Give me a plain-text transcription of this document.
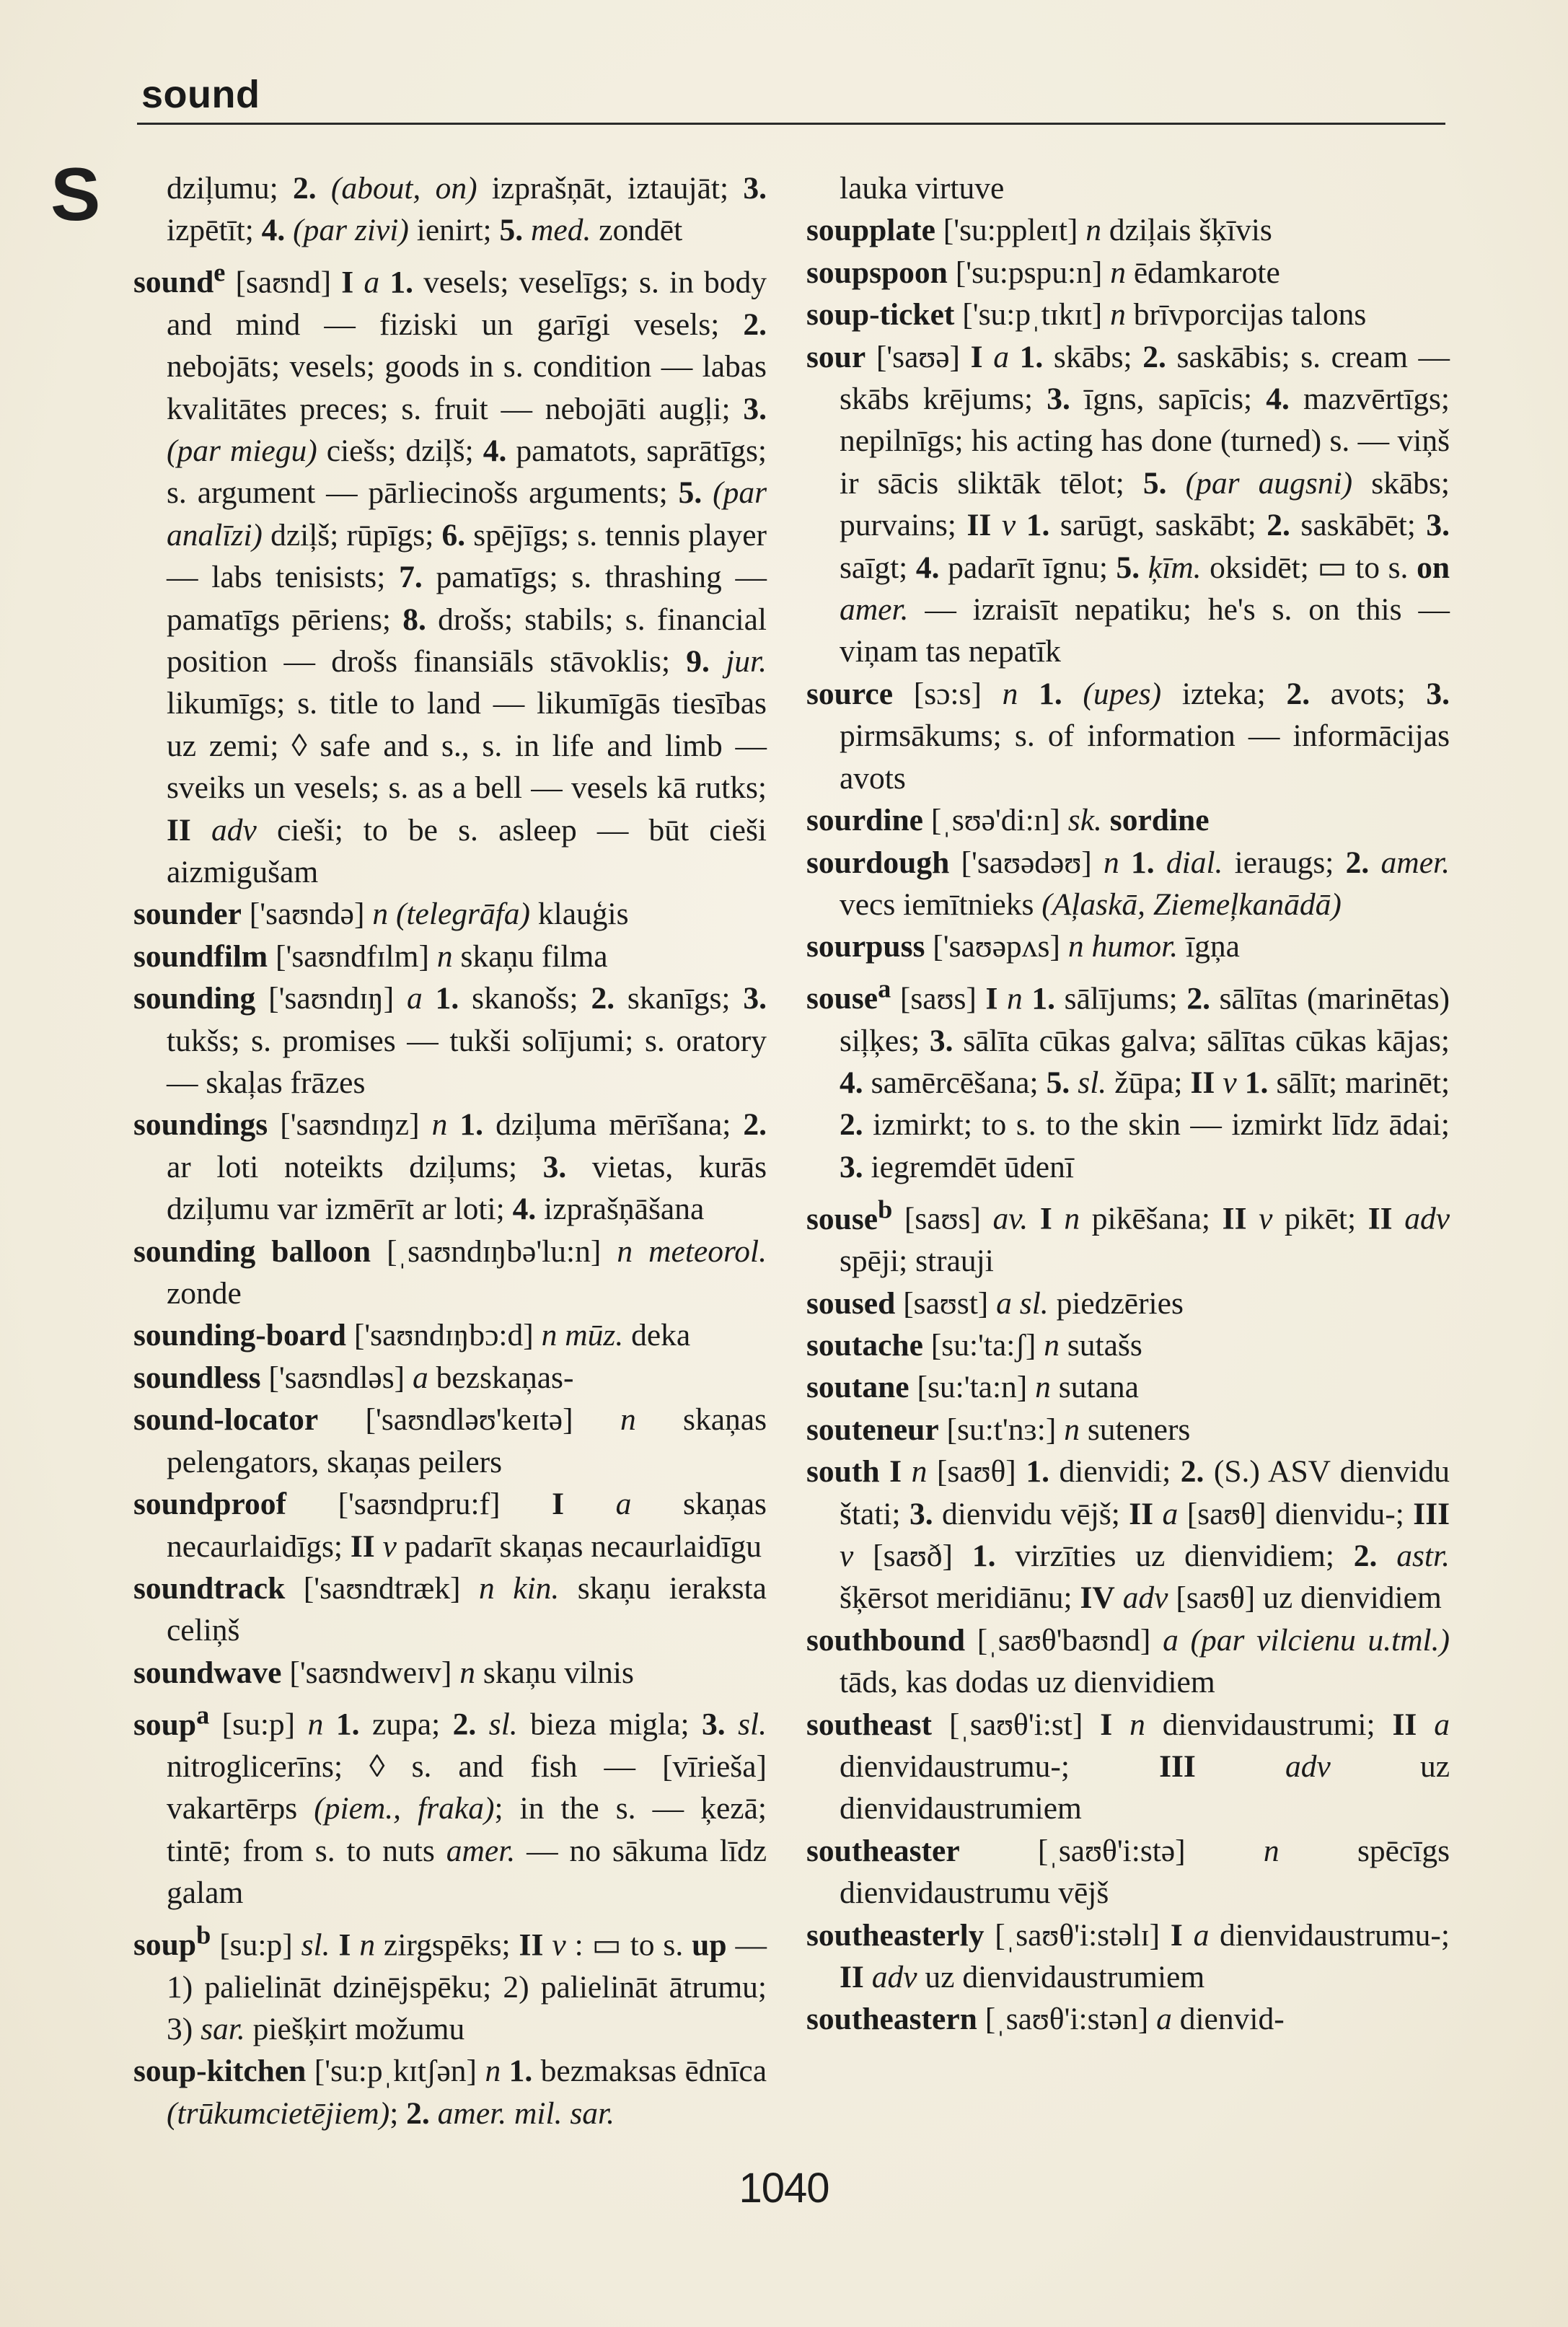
sound
S	dziļumu; 2. (about, on) izprašņāt, iztaujāt; 3. izpētīt; 4. (par zivi) ienirt; 5. med. zondēt

sound$^e$ [saʊnd] I a 1. vesels; veselīgs; s. in body and mind — fiziski un garīgi vesels; 2. nebojāts; vesels; goods in s. condition — labas kvalitātes preces; s. fruit — nebojāti augļi; 3. (par miegu) ciešs; dziļš; 4. pamatots, saprātīgs; s. argument — pārliecinošs arguments; 5. (par analīzi) dziļš; rūpīgs; 6. spējīgs; s. tennis player — labs tenisists; 7. pamatīgs; s. thrashing — pamatīgs pēriens; 8. drošs; stabils; s. financial position — drošs finansiāls stāvoklis; 9. jur. likumīgs; s. title to land — likumīgās tiesības uz zemi; ◊ safe and s., s. in life and limb — sveiks un vesels; s. as a bell — vesels kā rutks; II adv cieši; to be s. asleep — būt cieši aizmigušam

sounder ['saʊndə] n (telegrāfa) klauģis

soundfilm ['saʊndfɪlm] n skaņu filma

sounding ['saʊndɪŋ] a 1. skanošs; 2. skanīgs; 3. tukšs; s. promises — tukši solījumi; s. oratory — skaļas frāzes

soundings ['saʊndɪŋz] n 1. dziļuma mērīšana; 2. ar loti noteikts dziļums; 3. vietas, kurās dziļumu var izmērīt ar loti; 4. izprašņāšana

sounding balloon [ˌsaʊndɪŋbə'lu:n] n meteorol. zonde

sounding-board ['saʊndɪŋbɔ:d] n mūz. deka

soundless ['saʊndləs] a bezskaņas-

sound-locator ['saʊndləʊ'keɪtə] n skaņas pelengators, skaņas peilers

soundproof ['saʊndpru:f] I a skaņas necaurlaidīgs; II v padarīt skaņas necaurlaidīgu

soundtrack ['saʊndtræk] n kin. skaņu ieraksta celiņš

soundwave ['saʊndweɪv] n skaņu vilnis

soup$^a$ [su:p] n 1. zupa; 2. sl. bieza migla; 3. sl. nitroglicerīns; ◊ s. and fish — [vīriešа] vakartērps (piem., fraka); in the s. — ķezā; tintē; from s. to nuts amer. — no sākuma līdz galam

soup$^b$ [su:p] sl. I n zirgspēks; II v : ▭ to s. up — 1) palielināt dzinējspēku; 2) palielināt ātrumu; 3) sar. piešķirt možumu

soup-kitchen ['su:pˌkɪtʃən] n 1. bezmaksas ēdnīca (trūkumcietējiem); 2. amer. mil. sar.

lauka virtuve

soupplate ['su:ppleɪt] n dziļais šķīvis

soupspoon ['su:pspu:n] n ēdamkarote

soup-ticket ['su:pˌtɪkɪt] n brīvporcijas talons

sour ['saʊə] I a 1. skābs; 2. saskābis; s. cream — skābs krējums; 3. īgns, sapīcis; 4. mazvērtīgs; nepilnīgs; his acting has done (turned) s. — viņš ir sācis sliktāk tēlot; 5. (par augsni) skābs; purvains; II v 1. sarūgt, saskābt; 2. saskābēt; 3. saīgt; 4. padarīt īgnu; 5. ķīm. oksidēt; ▭ to s. on amer. — izraisīt nepatiku; he's s. on this — viņam tas nepatīk

source [sɔ:s] n 1. (upes) izteka; 2. avots; 3. pirmsākums; s. of information — informācijas avots

sourdine [ˌsʊə'di:n] sk. sordine

sourdough ['saʊədəʊ] n 1. dial. ieraugs; 2. amer. vecs iemītnieks (Aļaskā, Ziemeļkanādā)

sourpuss ['saʊəpʌs] n humor. īgņa

souse$^a$ [saʊs] I n 1. sālījums; 2. sālītas (marinētas) siļķes; 3. sālīta cūkas galva; sālītas cūkas kājas; 4. samērcēšana; 5. sl. žūpa; II v 1. sālīt; marinēt; 2. izmirkt; to s. to the skin — izmirkt līdz ādai; 3. iegremdēt ūdenī

souse$^b$ [saʊs] av. I n pikēšana; II v pikēt; II adv spēji; strauji

soused [saʊst] a sl. piedzēries

soutache [su:'ta:ʃ] n sutašs

soutane [su:'ta:n] n sutana

souteneur [su:t'nɜ:] n suteners

south I n [saʊθ] 1. dienvidi; 2. (S.) ASV dienvidu štati; 3. dienvidu vējš; II a [saʊθ] dienvidu-; III v [saʊð] 1. virzīties uz dienvidiem; 2. astr. šķērsot meridiānu; IV adv [saʊθ] uz dienvidiem

southbound [ˌsaʊθ'baʊnd] a (par vilcienu u.tml.) tāds, kas dodas uz dienvidiem

southeast [ˌsaʊθ'i:st] I n dienvidaustrumi; II a dienvidaustrumu-; III	adv uz dienvidaustrumiem

southeaster [ˌsaʊθ'i:stə] n spēcīgs dienvidaustrumu vējš

southeasterly [ˌsaʊθ'i:stəlɪ] I a dienvidaustrumu-; II adv uz dienvidaustrumiem

southeastern [ˌsaʊθ'i:stən] a dienvid-

1040
